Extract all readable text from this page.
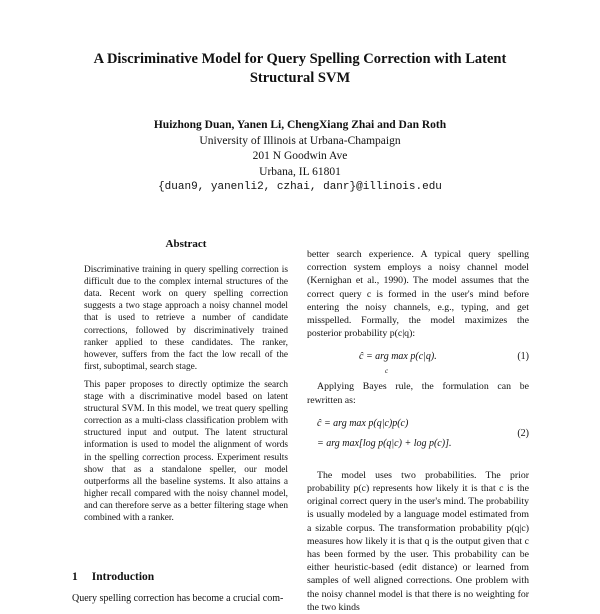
A Discriminative Model for Query Spelling Correction with Latent
Structural SVM
Huizhong Duan, Yanen Li, ChengXiang Zhai and Dan Roth
University of Illinois at Urbana-Champaign
201 N Goodwin Ave
Urbana, IL 61801
{duan9, yanenli2, czhai, danr}@illinois.edu
Abstract

Discriminative training in query spelling correction is difficult due to the complex internal structures of the data. Recent work on query spelling correction suggests a two stage approach a noisy channel model that is used to retrieve a number of candidate corrections, followed by discriminatively trained ranker applied to these candidates. The ranker, however, suffers from the fact the low recall of the first, suboptimal, search stage.

This paper proposes to directly optimize the search stage with a discriminative model based on latent structural SVM. In this model, we treat query spelling correction as a multi-class classification problem with structured input and output. The latent structural information is used to model the alignment of words in the spelling correction process. Experiment results show that as a standalone speller, our model outperforms all the baseline systems. It also attains a higher recall compared with the noisy channel model, and can therefore serve as a better filtering stage when combined with a ranker.

1 Introduction
Query spelling correction has become a crucial com-

better search experience. A typical query spelling correction system employs a noisy channel model (Kernighan et al., 1990). The model assumes that the correct query c is formed in the user's mind before entering the noisy channels, e.g., typing, and get misspelled. Formally, the model maximizes the posterior probability p(c|q):

ĉ = arg max p(c|q).
c
(1)

Applying Bayes rule, the formulation can be rewritten as:

ĉ = arg max p(q|c)p(c)
= arg max[log p(q|c) + log p(c)].
(2)

The model uses two probabilities. The prior probability p(c) represents how likely it is that c is the original correct query in the user's mind. The probability is usually modeled by a language model estimated from a sizable corpus. The transformation probability p(q|c) measures how likely it is that q is the output given that c has been formed by the user. This probability can be either heuristic-based (edit distance) or learned from samples of well aligned corrections. One problem with the noisy channel model is that there is no weighting for the two kinds
